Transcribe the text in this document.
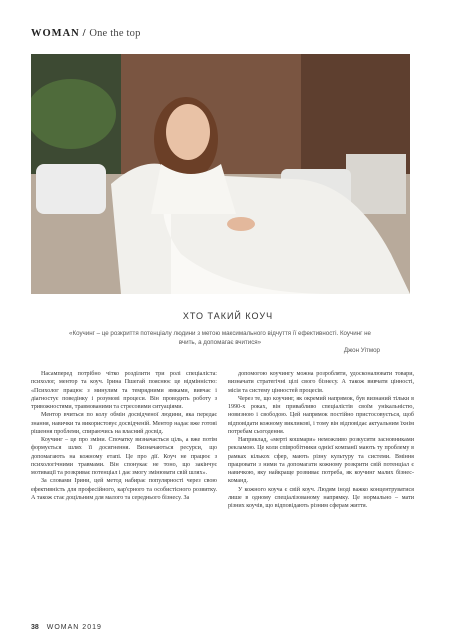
WOMAN / One the top
ХТО ТАКИЙ КОУЧ
«Коучинг – це розкриття потенціалу людини з метою максимального відчуття її ефективності. Коучинг не вчить, а допомагає вчитися»
Джон Уітмор

Насамперед потрібно чітко розділити три ролі спеціаліста: психолог, ментор та коуч. Ірина Пшегай пояснює це відмінністю: «Психолог працює з минулим та темрядними ямками, вивчає і діагностує поведінку і розумові процеси. Він проводить роботу з тривожностями, травмованими та стресовими ситуаціями.

Ментор вчиться по колу обмін досвідченої людини, яка передає знання, навички та використовує досвідченій. Ментор надає вже готові рішення проблеми, спираючись на власний досвід.

Коучинг – це про зміни. Спочатку визначається ціль, а вже потім формується шлях її досягнення. Визначаються ресурси, що допомагають на кожному етапі. Це про дії. Коуч не працює з психологічними травмами. Він спонукає не тоно, що закінчує мотивації та розкриває потенціал і дає змогу змінювати свій шлях».

За словами Ірини, цей метод набирає популярності через свою ефективність для професійного, кар'єрного та особистісного розвитку. А також стає доцільним для малого та середнього бізнесу. За

допомогою коучингу можна розробляти, удосконалювати товари, визначати стратегічні цілі свого бізнесу. А також вивчати цінності, місія та систему цінностей процесів.

Через те, що коучинг, як окремий напрямок, був визнаний тільки в 1990-х роках, він привабливо спеціалістів своїм унікальністю, новизною і свободою. Цей напрямок постійно пристосовується, щоб відповідати кожному викликові, і тому він відповідає актуальним їхнім потребам сьогодення.

Наприклад, «мерті кошмари» неможливо розкусити засновниками рекламою. Це коли співробітники однієї компанії мають ту проблему в рамках кількох сфер, мають різну культуру та системи. Вміння працювати з ними та допомагати кожному розкрити свій потенціал є навичкою, яку найкраще розвиває потреба, як коучинг малих бізнес-команд.

У кожного коуча є свій коуч. Людям іноді важко концентруватися лише в одному спеціалізованому напрямку. Це нормально – мати різних коучів, що відповідають різним сферам життя.

38 WOMAN 2019
